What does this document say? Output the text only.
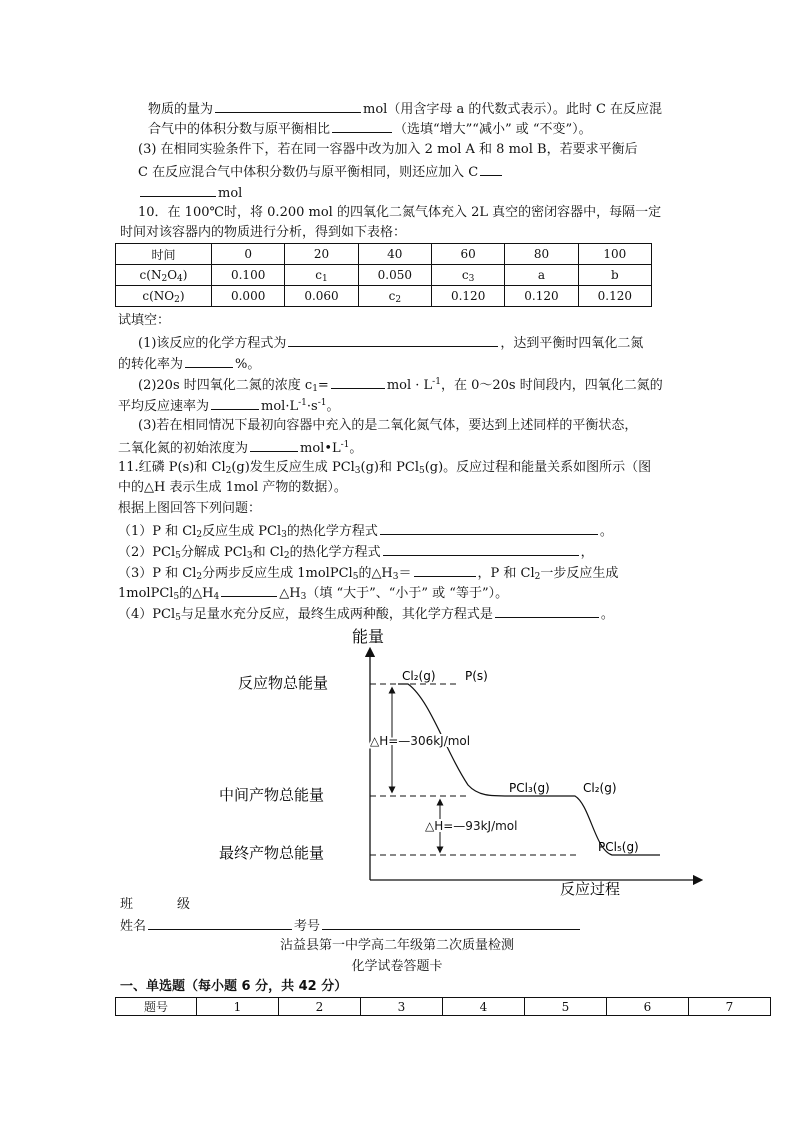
物质的量为	mol（用含字母 a 的代数式表示）。此时 C 在反应混
合气中的体积分数与原平衡相比	（选填“增大”“减小” 或 “不变”）。
(3) 在相同实验条件下，若在同一容器中改为加入 2 mol A 和 8 mol B，若要求平衡后
C 在反应混合气中体积分数仍与原平衡相同，则还应加入 C
mol
10．在 100℃时，将 0.200 mol 的四氧化二氮气体充入 2L 真空的密闭容器中，每隔一定
时间对该容器内的物质进行分析，得到如下表格：
时间	0	20	40	60	80	100
$c(N_2O_4)$	0.100	$c_1$	0.050	$c_3$	a	b
$c(NO_2)$	0.000	0.060	$c_2$	0.120	0.120	0.120
试填空：
(1)该反应的化学方程式为	，达到平衡时四氧化二氮
的转化率为	%。
(2)20s 时四氧化二氮的浓度 $c_1=$	mol · $L^{-1}$，在 0～20s 时间段内，四氧化二氮的
平均反应速率为	$mol\cdot L^{-1}\cdot s^{-1}$。
(3)若在相同情况下最初向容器中充入的是二氧化氮气体，要达到上述同样的平衡状态，
二氧化氮的初始浓度为	$mol•L^{-1}$。
11.红磷 P(s)和 $Cl_2(g)$发生反应生成 PCl$_3$(g)和 PCl$_5$(g)。反应过程和能量关系如图所示（图
中的△H 表示生成 1mol 产物的数据）。
根据上图回答下列问题：
（1）P 和 $Cl_2$反应生成 PCl$_3$的热化学方程式	。
（2）PCl$_5$分解成 PCl$_3$和 $Cl_2$的热化学方程式	，
（3）P 和 $Cl_2$分两步反应生成 1molPCl$_5$的$\triangle H_3=$	，P 和 $Cl_2$一步反应生成
1molPCl$_5$的$\triangle H_4$	$\triangle H_3$（填 “大于”、“小于” 或 “等于”）。
（4）PCl$_5$与足量水充分反应，最终生成两种酸，其化学方程式是	。
能量
反应过程
反应物总能量
中间产物总能量
最终产物总能量
Cl₂(g) P(s)
PCl₃(g)	Cl₂(g)
PCl₅(g)
△H=—306kJ/mol
△H=—93kJ/mol
班	级
姓名	考号
沾益县第一中学高二年级第二次质量检测
化学试卷答题卡
一、单选题（每小题 6 分，共 42 分）
题号	1	2	3	4	5	6	7
